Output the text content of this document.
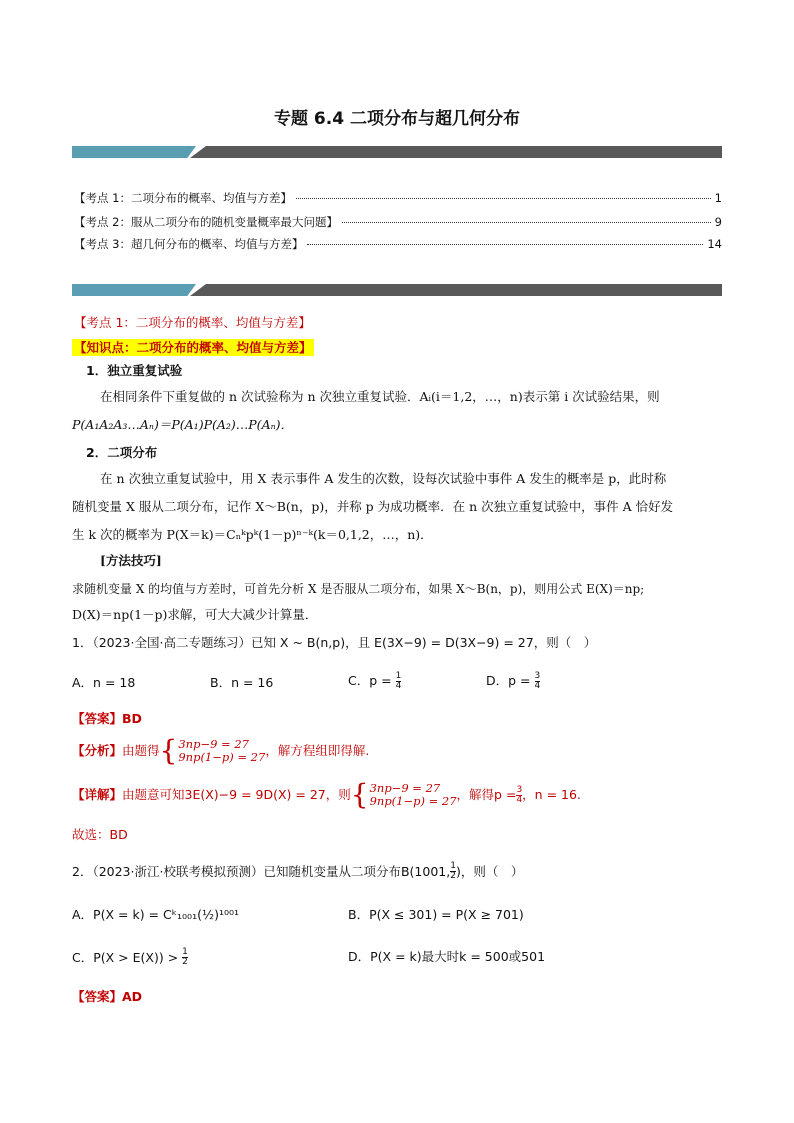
专题 6.4 二项分布与超几何分布
【考点 1：二项分布的概率、均值与方差】	1
【考点 2：服从二项分布的随机变量概率最大问题】	9
【考点 3：超几何分布的概率、均值与方差】	14
【考点 1：二项分布的概率、均值与方差】
【知识点：二项分布的概率、均值与方差】
1．独立重复试验
在相同条件下重复做的 n 次试验称为 n 次独立重复试验．Aᵢ(i＝1,2，…，n)表示第 i 次试验结果，则
P(A₁A₂A₃…Aₙ)＝P(A₁)P(A₂)…P(Aₙ)．
2．二项分布
在 n 次独立重复试验中，用 X 表示事件 A 发生的次数，设每次试验中事件 A 发生的概率是 p，此时称
随机变量 X 服从二项分布，记作 X～B(n，p)，并称 p 为成功概率．在 n 次独立重复试验中，事件 A 恰好发
生 k 次的概率为 P(X＝k)＝Cₙᵏpᵏ(1－p)ⁿ⁻ᵏ(k＝0,1,2，…，n)．
[方法技巧]
求随机变量 X 的均值与方差时，可首先分析 X 是否服从二项分布，如果 X～B(n，p)，则用公式 E(X)＝np;
D(X)＝np(1－p)求解，可大大减少计算量．
1．（2023·全国·高二专题练习）已知 X ~ B(n,p)，且 E(3X−9) = D(3X−9) = 27，则（　）
A．n = 18	B．n = 16	C．$p = \frac{1}{4}$	D．$p = \frac{3}{4}$
【答案】BD
【分析】 由题得 { 3np−9 = 27
9np(1−p) = 27 ，解方程组即得解.
【详解】 由题意可知3E(X)−9 = 9D(X) = 27，则 { 3np−9 = 27
9np(1−p) = 27 ，解得$p = \frac{3}{4}$ ，n = 16.
故选：BD
2．（2023·浙江·校联考模拟预测）已知随机变量从二项分布B(1001, $\frac{1}{2}$ )，则（　）
A．P(X = k) = Cᵏ₁₀₀₁(½)¹⁰⁰¹	B．P(X ≤ 301) = P(X ≥ 701)
C．P(X > E(X)) >
$\frac{1}{2}$	D．P(X = k)最大时k = 500或501
【答案】AD
